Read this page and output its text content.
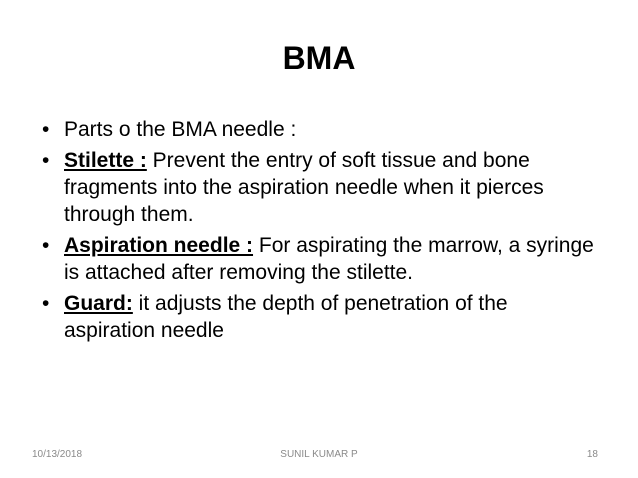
BMA
• Parts o the BMA needle :
• Stilette : Prevent the entry of soft tissue and bone fragments into the aspiration needle when it pierces through them.
• Aspiration needle : For aspirating the marrow, a syringe is attached after removing the stilette.
• Guard: it adjusts the depth of penetration of the aspiration needle
10/13/2018	SUNIL KUMAR P	18
